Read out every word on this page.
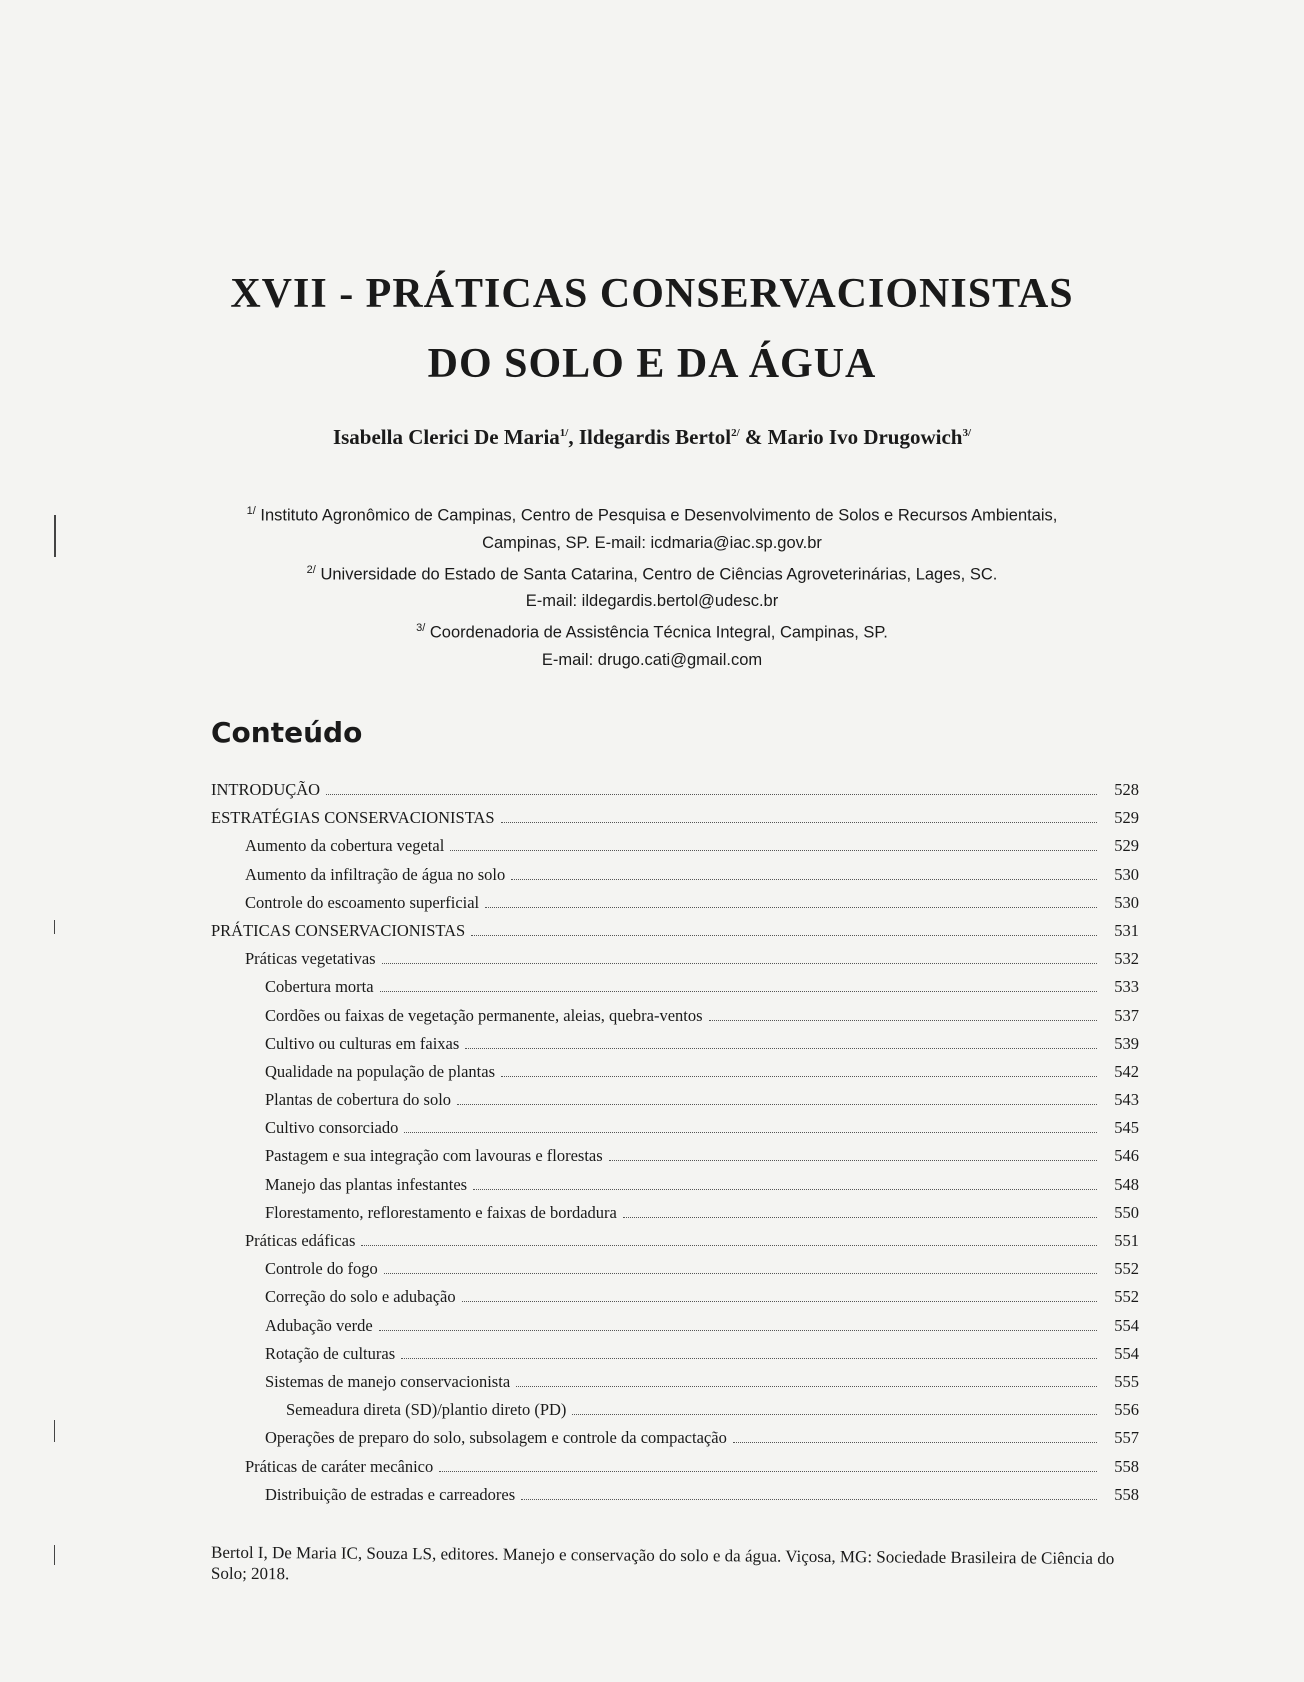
XVII - PRÁTICAS CONSERVACIONISTAS
DO SOLO E DA ÁGUA
Isabella Clerici De Maria$^{1/}$, Ildegardis Bertol$^{2/}$ & Mario Ivo Drugowich$^{3/}$
$^{1/}$ Instituto Agronômico de Campinas, Centro de Pesquisa e Desenvolvimento de Solos e Recursos Ambientais,
Campinas, SP. E-mail: icdmaria@iac.sp.gov.br
$^{2/}$ Universidade do Estado de Santa Catarina, Centro de Ciências Agroveterinárias, Lages, SC.
E-mail: ildegardis.bertol@udesc.br
$^{3/}$ Coordenadoria de Assistência Técnica Integral, Campinas, SP.
E-mail: drugo.cati@gmail.com
Conteúdo
INTRODUÇÃO	528
ESTRATÉGIAS CONSERVACIONISTAS	529
Aumento da cobertura vegetal	529
Aumento da infiltração de água no solo	530
Controle do escoamento superficial	530
PRÁTICAS CONSERVACIONISTAS	531
Práticas vegetativas	532
Cobertura morta	533
Cordões ou faixas de vegetação permanente, aleias, quebra-ventos	537
Cultivo ou culturas em faixas	539
Qualidade na população de plantas	542
Plantas de cobertura do solo	543
Cultivo consorciado	545
Pastagem e sua integração com lavouras e florestas	546
Manejo das plantas infestantes	548
Florestamento, reflorestamento e faixas de bordadura	550
Práticas edáficas	551
Controle do fogo	552
Correção do solo e adubação	552
Adubação verde	554
Rotação de culturas	554
Sistemas de manejo conservacionista	555
Semeadura direta (SD)/plantio direto (PD)	556
Operações de preparo do solo, subsolagem e controle da compactação	557
Práticas de caráter mecânico	558
Distribuição de estradas e carreadores	558
Bertol I, De Maria IC, Souza LS, editores. Manejo e conservação do solo e da água. Viçosa, MG: Sociedade Brasileira de Ciência do Solo; 2018.
